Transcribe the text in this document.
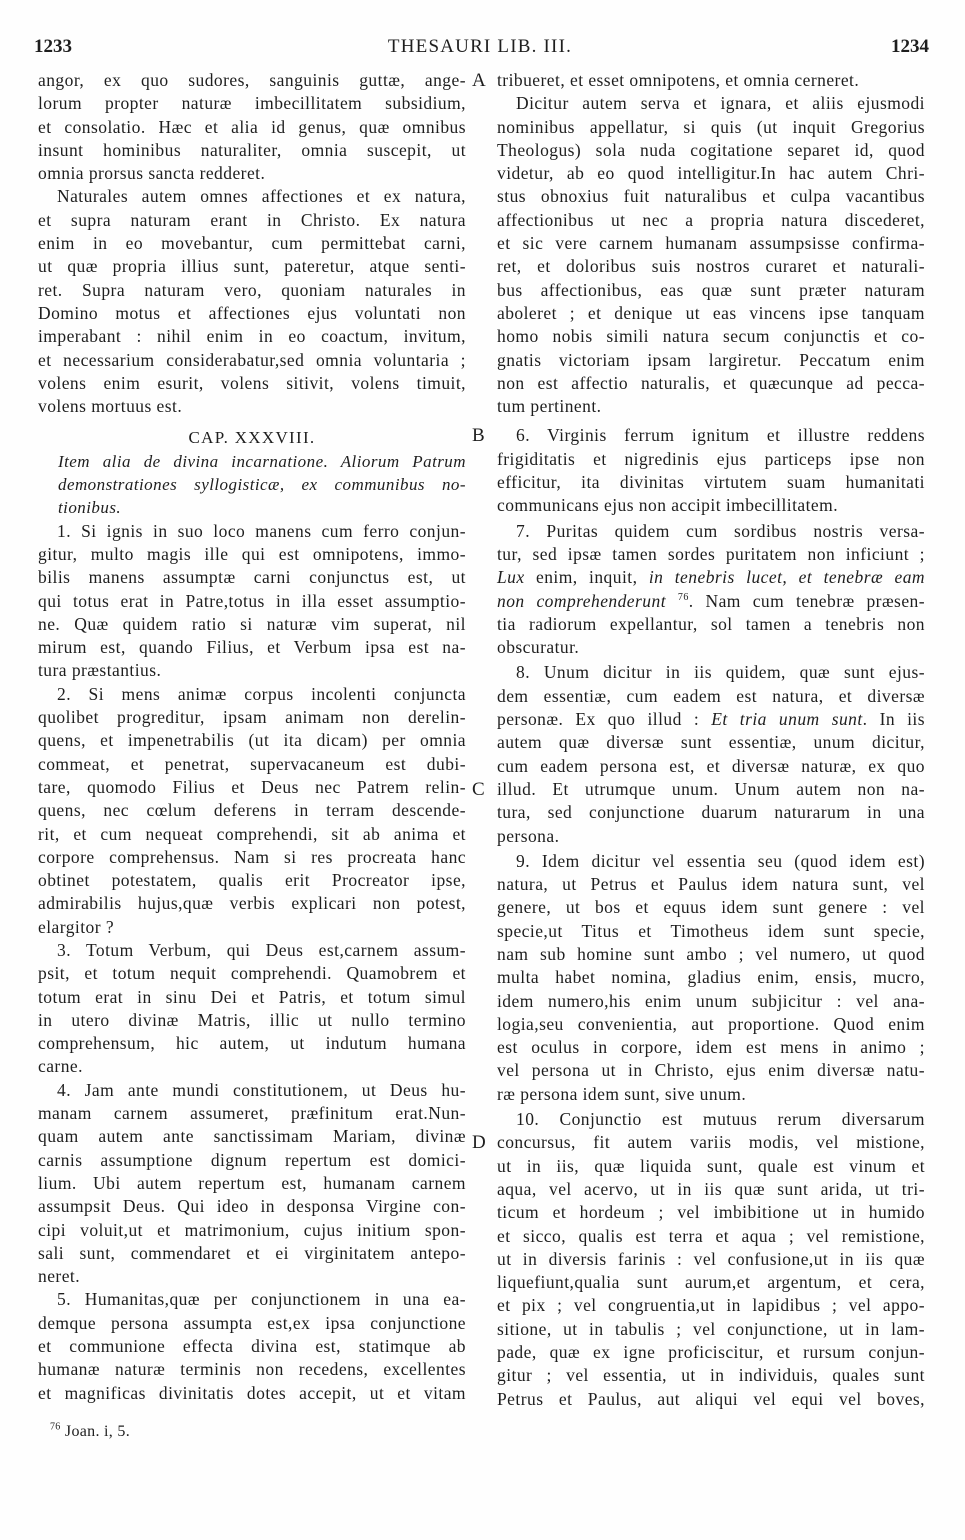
1233	THESAURI LIB. III.	1234
angor, ex quo sudores, sanguinis guttæ, ange-
lorum propter naturæ imbecillitatem subsidium,
et consolatio. Hæc et alia id genus, quæ omnibus
insunt hominibus naturaliter, omnia suscepit, ut
omnia prorsus sancta redderet.
Naturales autem omnes affectiones et ex natura,
et supra naturam erant in Christo. Ex natura
enim in eo movebantur, cum permittebat carni,
ut quæ propria illius sunt, pateretur, atque senti-
ret. Supra naturam vero, quoniam naturales in
Domino motus et affectiones ejus voluntati non
imperabant : nihil enim in eo coactum, invitum,
et necessarium considerabatur,sed omnia voluntaria ;
volens enim esurit, volens sitivit, volens timuit,
volens mortuus est.
CAP. XXXVIII.
Item alia de divina incarnatione. Aliorum Patrum
demonstrationes syllogisticæ, ex communibus no-
tionibus.
1. Si ignis in suo loco manens cum ferro conjun-
gitur, multo magis ille qui est omnipotens, immo-
bilis manens assumptæ carni conjunctus est, ut
qui totus erat in Patre,totus in illa esset assumptio-
ne. Quæ quidem ratio si naturæ vim superat, nil
mirum est, quando Filius, et Verbum ipsa est na-
tura præstantius.
2. Si mens animæ corpus incolenti conjuncta
quolibet progreditur, ipsam animam non derelin-
quens, et impenetrabilis (ut ita dicam) per omnia
commeat, et penetrat, supervacaneum est dubi-
tare, quomodo Filius et Deus nec Patrem relin-
quens, nec cœlum deferens in terram descende-
rit, et cum nequeat comprehendi, sit ab anima et
corpore comprehensus. Nam si res procreata hanc
obtinet potestatem, qualis erit Procreator ipse,
admirabilis hujus,quæ verbis explicari non potest,
elargitor ?
3. Totum Verbum, qui Deus est,carnem assum-
psit, et totum nequit comprehendi. Quamobrem et
totum erat in sinu Dei et Patris, et totum simul
in utero divinæ Matris, illic ut nullo termino
comprehensum, hic autem, ut indutum humana
carne.
4. Jam ante mundi constitutionem, ut Deus hu-
manam carnem assumeret, præfinitum erat.Nun-
quam autem ante sanctissimam Mariam, divinæ
carnis assumptione dignum repertum est domici-
lium. Ubi autem repertum est, humanam carnem
assumpsit Deus. Qui ideo in desponsa Virgine con-
cipi voluit,ut et matrimonium, cujus initium spon-
sali sunt, commendaret et ei virginitatem antepo-
neret.
5. Humanitas,quæ per conjunctionem in una ea-
demque persona assumpta est,ex ipsa conjunctione
et communione effecta divina est, statimque ab
humanæ naturæ terminis non recedens, excellentes
et magnificas divinitatis dotes accepit, ut et vitam
A tribueret, et esset omnipotens, et omnia cerneret.
Dicitur autem serva et ignara, et aliis ejusmodi
nominibus appellatur, si quis (ut inquit Gregorius
Theologus) sola nuda cogitatione separet id, quod
videtur, ab eo quod intelligitur.In hac autem Chri-
stus obnoxius fuit naturalibus et culpa vacantibus
affectionibus ut nec a propria natura discederet,
et sic vere carnem humanam assumpsisse confirma-
ret, et doloribus suis nostros curaret et naturali-
bus affectionibus, eas quæ sunt præter naturam
aboleret ; et denique ut eas vincens ipse tanquam
homo nobis simili natura secum conjunctis et co-
gnatis victoriam ipsam largiretur. Peccatum enim
non est affectio naturalis, et quæcunque ad pecca-
tum pertinent.
B 6. Virginis ferrum ignitum et illustre reddens
frigiditatis et nigredinis ejus particeps ipse non
efficitur, ita divinitas virtutem suam humanitati
communicans ejus non accipit imbecillitatem.
7. Puritas quidem cum sordibus nostris versa-
tur, sed ipsæ tamen sordes puritatem non inficiunt ;
Lux enim, inquit, in tenebris lucet, et tenebræ eam
non comprehenderunt $^{76}$. Nam cum tenebræ præsen-
tia radiorum expellantur, sol tamen a tenebris non
obscuratur.
8. Unum dicitur in iis quidem, quæ sunt ejus-
dem essentiæ, cum eadem est natura, et diversæ
personæ. Ex quo illud : Et tria unum sunt. In iis
autem quæ diversæ sunt essentiæ, unum dicitur,
cum eadem persona est, et diversæ naturæ, ex quo
C illud. Et utrumque unum. Unum autem non na-
tura, sed conjunctione duarum naturarum in una
persona.
9. Idem dicitur vel essentia seu (quod idem est)
natura, ut Petrus et Paulus idem natura sunt, vel
genere, ut bos et equus idem sunt genere : vel
specie,ut Titus et Timotheus idem sunt specie,
nam sub homine sunt ambo ; vel numero, ut quod
multa habet nomina, gladius enim, ensis, mucro,
idem numero,his enim unum subjicitur : vel ana-
logia,seu convenientia, aut proportione. Quod enim
est oculus in corpore, idem est mens in animo ;
vel persona ut in Christo, ejus enim diversæ natu-
ræ persona idem sunt, sive unum.
10. Conjunctio est mutuus rerum diversarum
D concursus, fit autem variis modis, vel mistione,
ut in iis, quæ liquida sunt, quale est vinum et
aqua, vel acervo, ut in iis quæ sunt arida, ut tri-
ticum et hordeum ; vel imbibitione ut in humido
et sicco, qualis est terra et aqua ; vel remistione,
ut in diversis farinis : vel confusione,ut in iis quæ
liquefiunt,qualia sunt aurum,et argentum, et cera,
et pix ; vel congruentia,ut in lapidibus ; vel appo-
sitione, ut in tabulis ; vel conjunctione, ut in lam-
pade, quæ ex igne proficiscitur, et rursum conjun-
gitur ; vel essentia, ut in individuis, quales sunt
Petrus et Paulus, aut aliqui vel equi vel boves,
$^{76}$ Joan. i, 5.
